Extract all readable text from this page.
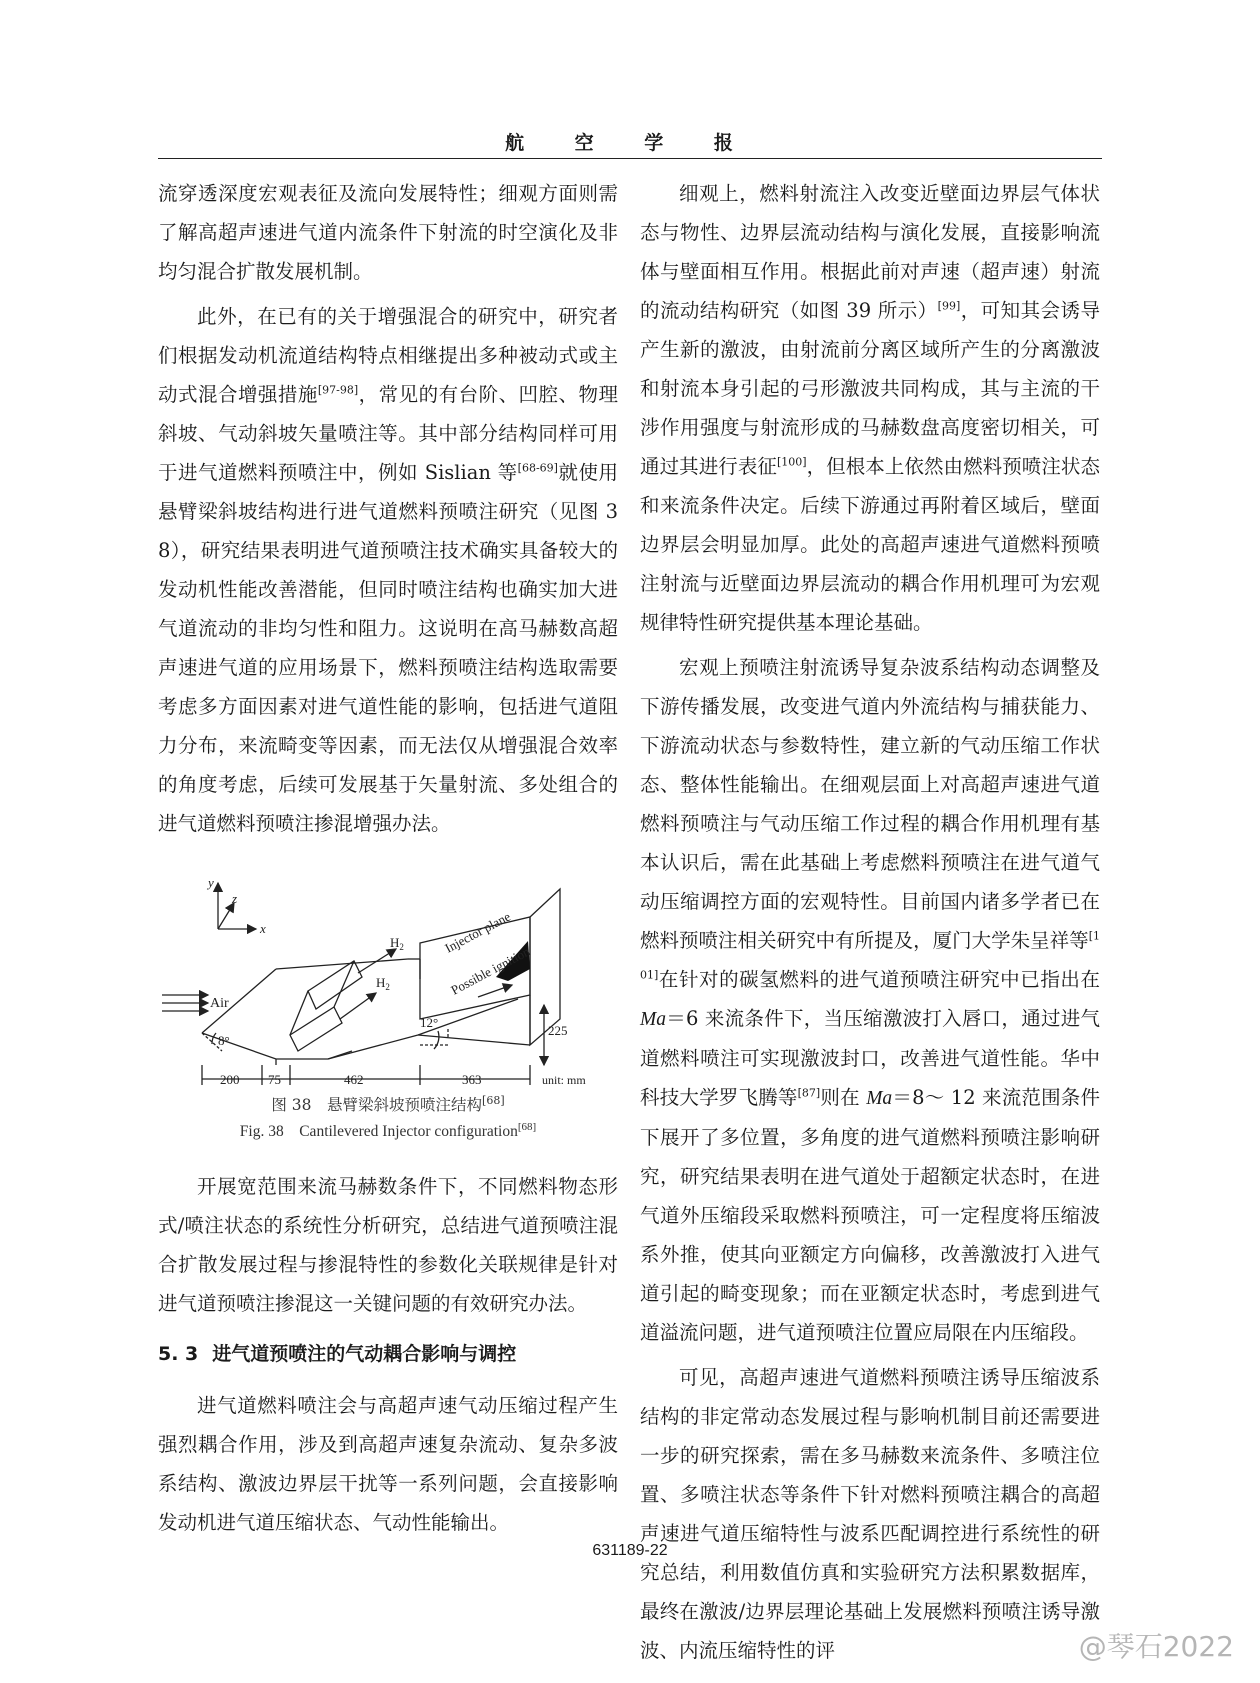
航 空 学 报

流穿透深度宏观表征及流向发展特性；细观方面则需了解高超声速进气道内流条件下射流的时空演化及非均匀混合扩散发展机制。

此外，在已有的关于增强混合的研究中，研究者们根据发动机流道结构特点相继提出多种被动式或主动式混合增强措施[97-98]，常见的有台阶、凹腔、物理斜坡、气动斜坡矢量喷注等。其中部分结构同样可用于进气道燃料预喷注中，例如 Sislian 等[68-69]就使用悬臂梁斜坡结构进行进气道燃料预喷注研究（见图 38），研究结果表明进气道预喷注技术确实具备较大的发动机性能改善潜能，但同时喷注结构也确实加大进气道流动的非均匀性和阻力。这说明在高马赫数高超声速进气道的应用场景下，燃料预喷注结构选取需要考虑多方面因素对进气道性能的影响，包括进气道阻力分布，来流畸变等因素，而无法仅从增强混合效率的角度考虑，后续可发展基于矢量射流、多处组合的进气道燃料预喷注掺混增强办法。

y
z
x
Air
$H_2$
$H_2$
Injector plane
Possible ignition
8°
12°
225
200 75	462	363	unit: mm
图 38　悬臂梁斜坡预喷注结构[68]
Fig. 38　Cantilevered Injector configuration[68]

开展宽范围来流马赫数条件下，不同燃料物态形式/喷注状态的系统性分析研究，总结进气道预喷注混合扩散发展过程与掺混特性的参数化关联规律是针对进气道预喷注掺混这一关键问题的有效研究办法。

5. 3 进气道预喷注的气动耦合影响与调控

进气道燃料喷注会与高超声速气动压缩过程产生强烈耦合作用，涉及到高超声速复杂流动、复杂多波系结构、激波边界层干扰等一系列问题，会直接影响发动机进气道压缩状态、气动性能输出。

细观上，燃料射流注入改变近壁面边界层气体状态与物性、边界层流动结构与演化发展，直接影响流体与壁面相互作用。根据此前对声速（超声速）射流的流动结构研究（如图 39 所示）[99]，可知其会诱导产生新的激波，由射流前分离区域所产生的分离激波和射流本身引起的弓形激波共同构成，其与主流的干涉作用强度与射流形成的马赫数盘高度密切相关，可通过其进行表征[100]，但根本上依然由燃料预喷注状态和来流条件决定。后续下游通过再附着区域后，壁面边界层会明显加厚。此处的高超声速进气道燃料预喷注射流与近壁面边界层流动的耦合作用机理可为宏观规律特性研究提供基本理论基础。

宏观上预喷注射流诱导复杂波系结构动态调整及下游传播发展，改变进气道内外流结构与捕获能力、下游流动状态与参数特性，建立新的气动压缩工作状态、整体性能输出。在细观层面上对高超声速进气道燃料预喷注与气动压缩工作过程的耦合作用机理有基本认识后，需在此基础上考虑燃料预喷注在进气道气动压缩调控方面的宏观特性。目前国内诸多学者已在燃料预喷注相关研究中有所提及，厦门大学朱呈祥等[101]在针对的碳氢燃料的进气道预喷注研究中已指出在 Ma＝6 来流条件下，当压缩激波打入唇口，通过进气道燃料喷注可实现激波封口，改善进气道性能。华中科技大学罗飞腾等[87]则在 Ma＝8～ 12 来流范围条件下展开了多位置，多角度的进气道燃料预喷注影响研究，研究结果表明在进气道处于超额定状态时，在进气道外压缩段采取燃料预喷注，可一定程度将压缩波系外推，使其向亚额定方向偏移，改善激波打入进气道引起的畸变现象；而在亚额定状态时，考虑到进气道溢流问题，进气道预喷注位置应局限在内压缩段。

可见，高超声速进气道燃料预喷注诱导压缩波系结构的非定常动态发展过程与影响机制目前还需要进一步的研究探索，需在多马赫数来流条件、多喷注位置、多喷注状态等条件下针对燃料预喷注耦合的高超声速进气道压缩特性与波系匹配调控进行系统性的研究总结，利用数值仿真和实验研究方法积累数据库，最终在激波/边界层理论基础上发展燃料预喷注诱导激波、内流压缩特性的评

631189-22
@琴石2022
